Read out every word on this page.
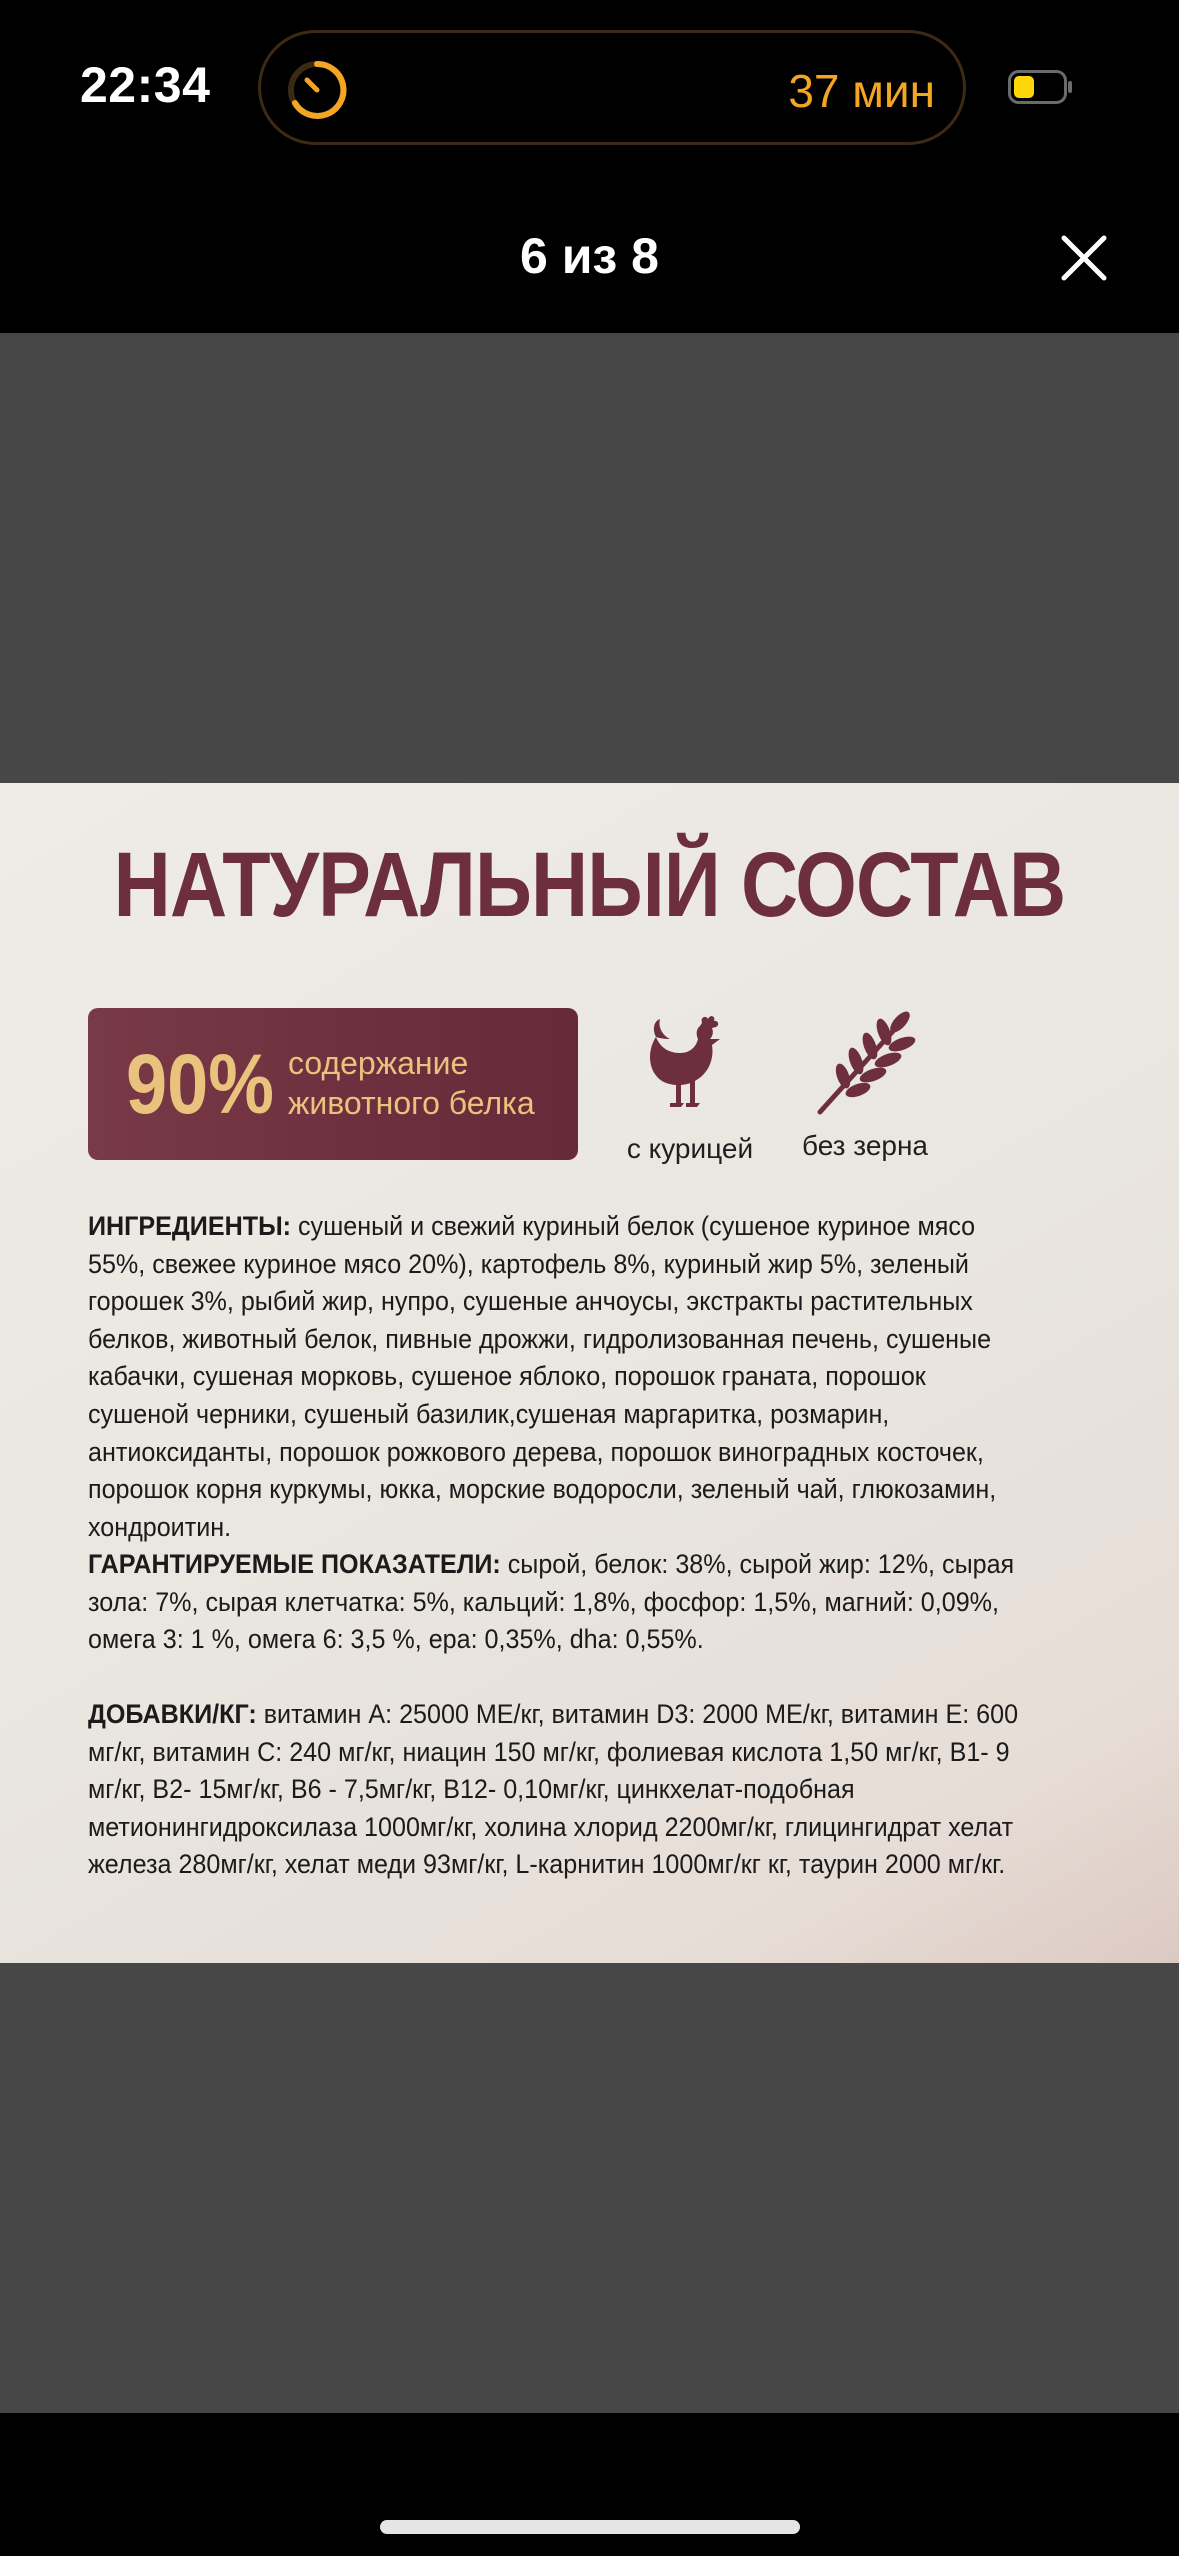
22:34	37 мин
6 из 8
НАТУРАЛЬНЫЙ СОСТАВ
90% содержание животного белка
с курицей	без зерна
ИНГРЕДИЕНТЫ: сушеный и свежий куриный белок (сушеное куриное мясо 55%, свежее куриное мясо 20%), картофель 8%, куриный жир 5%, зеленый горошек 3%, рыбий жир, нупро, сушеные анчоусы, экстракты растительных белков, животный белок, пивные дрожжи, гидролизованная печень, сушеные кабачки, сушеная морковь, сушеное яблоко, порошок граната, порошок сушеной черники, сушеный базилик,сушеная маргаритка, розмарин, антиоксиданты, порошок рожкового дерева, порошок виноградных косточек, порошок корня куркумы, юкка, морские водоросли, зеленый чай, глюкозамин, хондроитин.
ГАРАНТИРУЕМЫЕ ПОКАЗАТЕЛИ: сырой, белок: 38%, сырой жир: 12%, сырая зола: 7%, сырая клетчатка: 5%, кальций: 1,8%, фосфор: 1,5%, магний: 0,09%, омега 3: 1 %, омега 6: 3,5 %, epa: 0,35%, dha: 0,55%.
ДОБАВКИ/КГ: витамин А: 25000 МЕ/кг, витамин D3: 2000 МЕ/кг, витамин Е: 600 мг/кг, витамин С: 240 мг/кг, ниацин 150 мг/кг, фолиевая кислота 1,50 мг/кг, B1- 9 мг/кг, B2- 15мг/кг, B6 - 7,5мг/кг, B12- 0,10мг/кг, цинкхелат-подобная метионингидроксилаза 1000мг/кг, холина хлорид 2200мг/кг, глицингидрат хелат железа 280мг/кг, хелат меди 93мг/кг, L-карнитин 1000мг/кг кг, таурин 2000 мг/кг.
